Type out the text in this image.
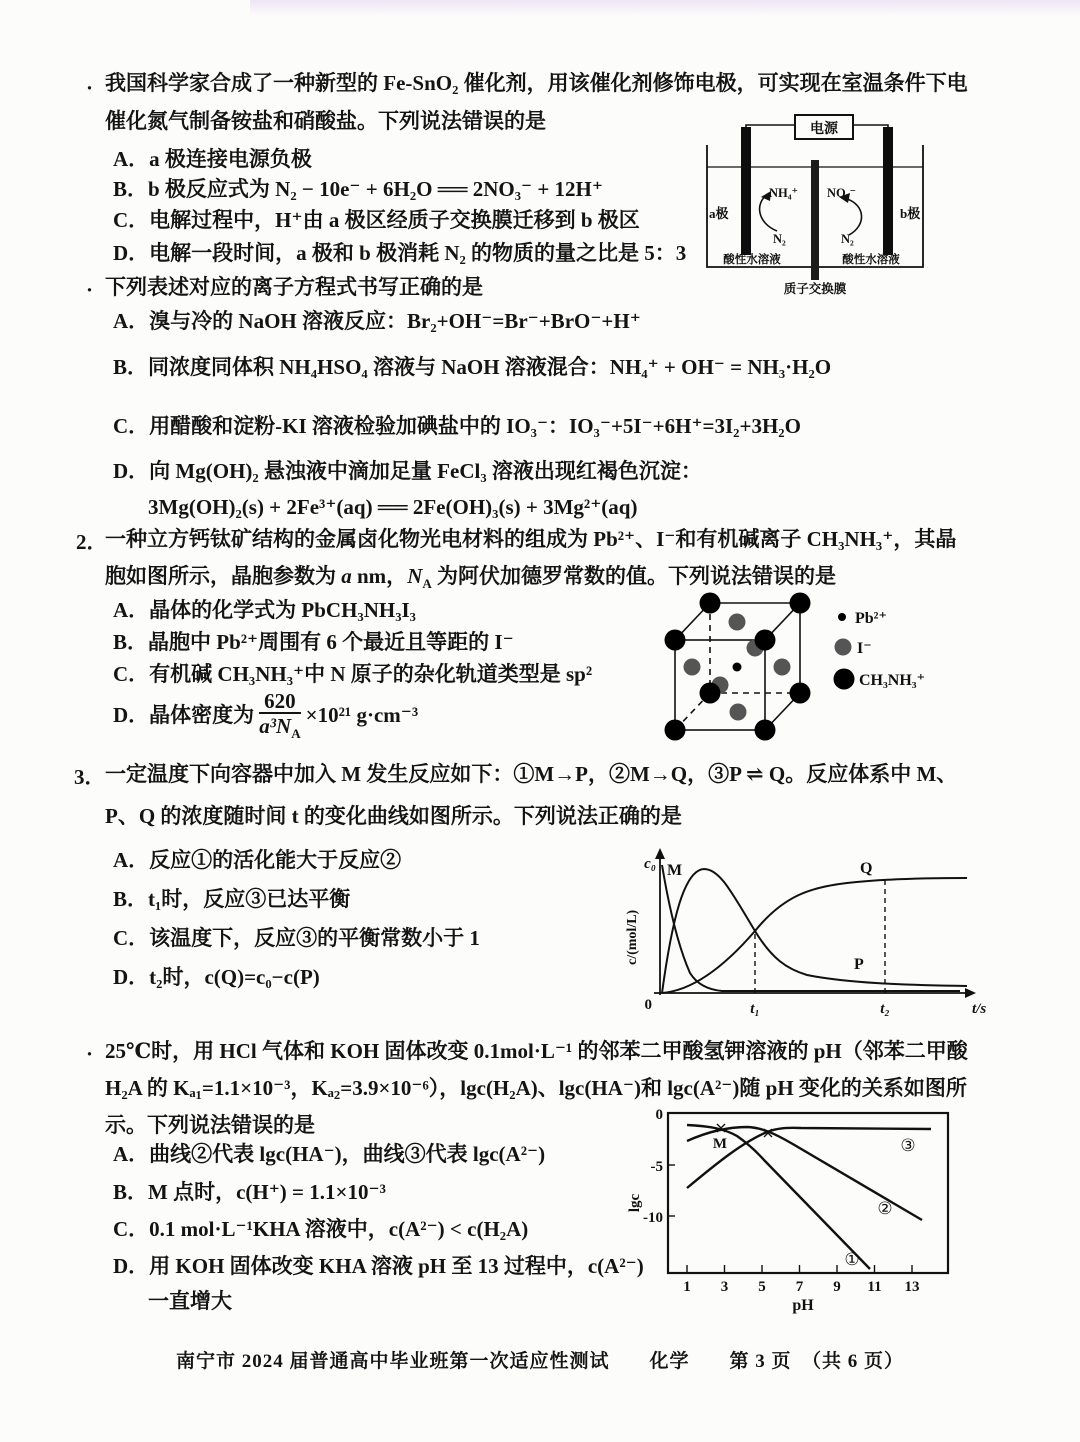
· 我国科学家合成了一种新型的 Fe-SnO₂ 催化剂，用该催化剂修饰电极，可实现在室温条件下电
催化氮气制备铵盐和硝酸盐。下列说法错误的是
A．a 极连接电源负极
B．b 极反应式为 N₂ − 10e⁻ + 6H₂O ══ 2NO₃⁻ + 12H⁺
C．电解过程中，H⁺由 a 极区经质子交换膜迁移到 b 极区
D．电解一段时间，a 极和 b 极消耗 N₂ 的物质的量之比是 5：3
电源
a极	b极
NH₄⁺
N₂
NO₃⁻
N₂
酸性水溶液	酸性水溶液
质子交换膜
· 下列表述对应的离子方程式书写正确的是
A．溴与冷的 NaOH 溶液反应：Br₂+OH⁻=Br⁻+BrO⁻+H⁺
B．同浓度同体积 NH₄HSO₄ 溶液与 NaOH 溶液混合：NH₄⁺ + OH⁻ = NH₃·H₂O
C．用醋酸和淀粉-KI 溶液检验加碘盐中的 IO₃⁻：IO₃⁻+5I⁻+6H⁺=3I₂+3H₂O
D．向 Mg(OH)₂ 悬浊液中滴加足量 FeCl₃ 溶液出现红褐色沉淀：
3Mg(OH)₂(s) + 2Fe³⁺(aq) ══ 2Fe(OH)₃(s) + 3Mg²⁺(aq)
2．
一种立方钙钛矿结构的金属卤化物光电材料的组成为 Pb²⁺、I⁻和有机碱离子 CH₃NH₃⁺，其晶
胞如图所示，晶胞参数为 a nm，$N_A$ 为阿伏加德罗常数的值。下列说法错误的是
A．晶体的化学式为 PbCH₃NH₃I₃
B．晶胞中 Pb²⁺周围有 6 个最近且等距的 I⁻
C．有机碱 CH₃NH₃⁺中 N 原子的杂化轨道类型是 sp²
D．晶体密度为 $\frac{620}{a^3N_A} \times 10^{21}$ g·cm⁻³
Pb²⁺
I⁻
CH₃NH₃⁺
3． 一定温度下向容器中加入 M 发生反应如下：①M→P，②M→Q，③P ⇌ Q。反应体系中 M、
P、Q 的浓度随时间 t 的变化曲线如图所示。下列说法正确的是
A．反应①的活化能大于反应②
B．t₁时，反应③已达平衡
C．该温度下，反应③的平衡常数小于 1
D．t₂时，c(Q)=c₀−c(P)
c₀
c/(mol/L)
M	Q
P
0	t₁	t₂	t/s
· 25℃时，用 HCl 气体和 KOH 固体改变 0.1mol·L⁻¹ 的邻苯二甲酸氢钾溶液的 pH（邻苯二甲酸
H₂A 的 Kₐ₁=1.1×10⁻³，Kₐ₂=3.9×10⁻⁶），lgc(H₂A)、lgc(HA⁻)和 lgc(A²⁻)随 pH 变化的关系如图所
示。下列说法错误的是
A．曲线②代表 lgc(HA⁻)，曲线③代表 lgc(A²⁻)
B．M 点时，c(H⁺) = 1.1×10⁻³
C．0.1 mol·L⁻¹KHA 溶液中，c(A²⁻) < c(H₂A)
D．用 KOH 固体改变 KHA 溶液 pH 至 13 过程中，c(A²⁻)
一直增大
0
-5
-10
1 3 5 7 9 11 13
pH
lgc
M
①
②
③
南宁市 2024 届普通高中毕业班第一次适应性测试　　化学　　第 3 页　（共 6 页）
